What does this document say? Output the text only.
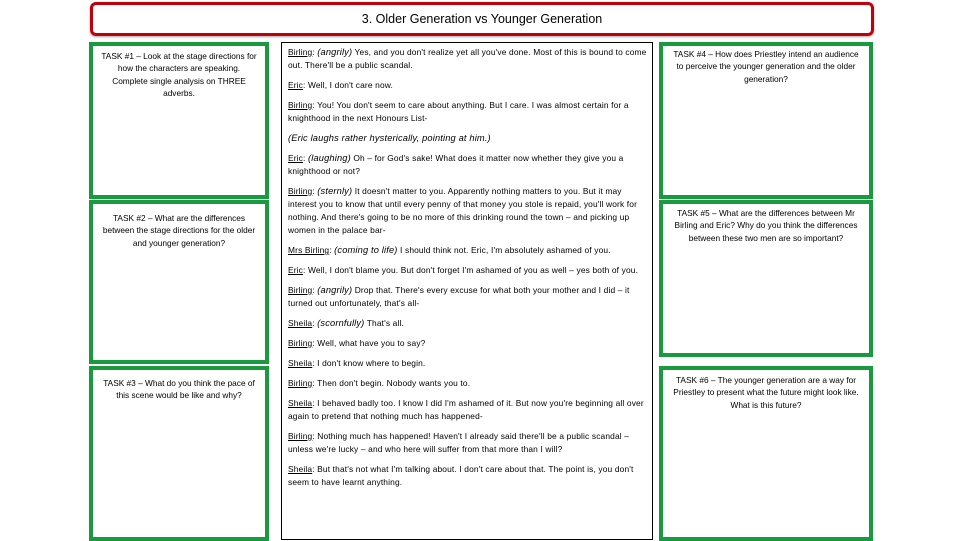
3. Older Generation vs Younger Generation
TASK #1 – Look at the stage directions for how the characters are speaking. Complete single analysis on THREE adverbs.
TASK #2 – What are the differences between the stage directions for the older and younger generation?
TASK #3 – What do you think the pace of this scene would be like and why?
TASK #4 – How does Priestley intend an audience to perceive the younger generation and the older generation?
TASK #5 – What are the differences between Mr Birling and Eric? Why do you think the differences between these two men are so important?
TASK #6 – The younger generation are a way for Priestley to present what the future might look like. What is this future?

Birling: (angrily) Yes, and you don't realize yet all you've done. Most of this is bound to come out. There'll be a public scandal.

Eric: Well, I don't care now.

Birling: You! You don't seem to care about anything. But I care. I was almost certain for a knighthood in the next Honours List-

(Eric laughs rather hysterically, pointing at him.)

Eric: (laughing) Oh – for God's sake! What does it matter now whether they give you a knighthood or not?

Birling: (sternly) It doesn't matter to you. Apparently nothing matters to you. But it may interest you to know that until every penny of that money you stole is repaid, you'll work for nothing. And there's going to be no more of this drinking round the town – and picking up women in the palace bar-

Mrs Birling: (coming to life) I should think not. Eric, I'm absolutely ashamed of you.

Eric: Well, I don't blame you. But don't forget I'm ashamed of you as well – yes both of you.

Birling: (angrily) Drop that. There's every excuse for what both your mother and I did – it turned out unfortunately, that's all-

Sheila: (scornfully) That's all.

Birling: Well, what have you to say?

Sheila: I don't know where to begin.

Birling: Then don't begin. Nobody wants you to.

Sheila: I behaved badly too. I know I did I'm ashamed of it. But now you're beginning all over again to pretend that nothing much has happened-

Birling: Nothing much has happened! Haven't I already said there'll be a public scandal – unless we're lucky – and who here will suffer from that more than I will?

Sheila: But that's not what I'm talking about. I don't care about that. The point is, you don't seem to have learnt anything.
